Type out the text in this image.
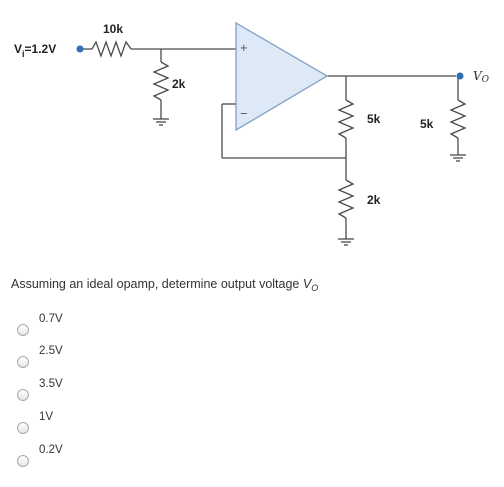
+
−
$V_i=1.2V$
10k
2k
5k
2k
5k
VO
Assuming an ideal opamp, determine output voltage $V_O$
0.7V
2.5V
3.5V
1V
0.2V
